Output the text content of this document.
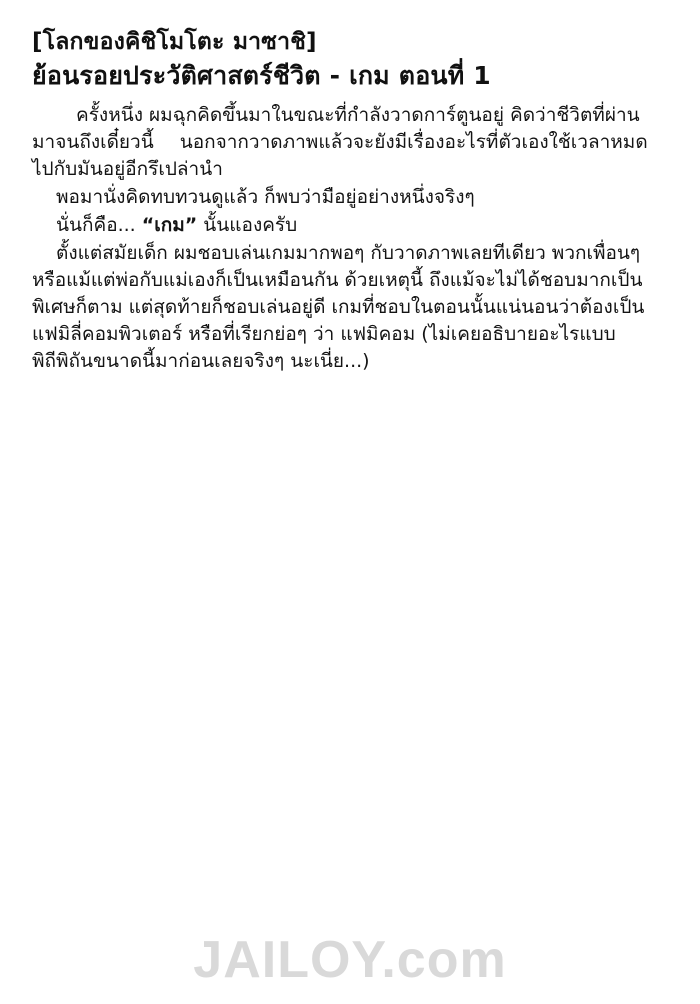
[โลกของคิชิโมโตะ มาซาชิ]
ย้อนรอยประวัติศาสตร์ชีวิต - เกม ตอนที่ 1

ครั้งหนึ่ง ผมฉุกคิดขึ้นมาในขณะที่กำลังวาดการ์ตูนอยู่ คิดว่าชีวิตที่ผ่านมาจนถึงเดี๋ยวนี้ นอกจากวาดภาพแล้วจะยังมีเรื่องอะไรที่ตัวเองใช้เวลาหมดไปกับมันอยู่อีกรึเปล่านำ

พอมานั่งคิดทบทวนดูแล้ว ก็พบว่ามือยู่อย่างหนึ่งจริงๆ

นั่นก็คือ... “เกม” นั้นแองครับ

ตั้งแต่สมัยเด็ก ผมชอบเล่นเกมมากพอๆ กับวาดภาพเลยทีเดียว พวกเพื่อนๆ หรือแม้แต่พ่อกับแม่เองก็เป็นเหมือนกัน ด้วยเหตุนี้ ถึงแม้จะไม่ได้ชอบมากเป็นพิเศษก็ตาม แต่สุดท้ายก็ชอบเล่นอยู่ดี เกมที่ชอบในตอนนั้นแน่นอนว่าต้องเป็น แฟมิลี่คอมพิวเตอร์ หรือที่เรียกย่อๆ ว่า แฟมิคอม (ไม่เคยอธิบายอะไรแบบพิถีพิถันขนาดนี้มาก่อนเลยจริงๆ นะเนี่ย...)

JAILOY.com
